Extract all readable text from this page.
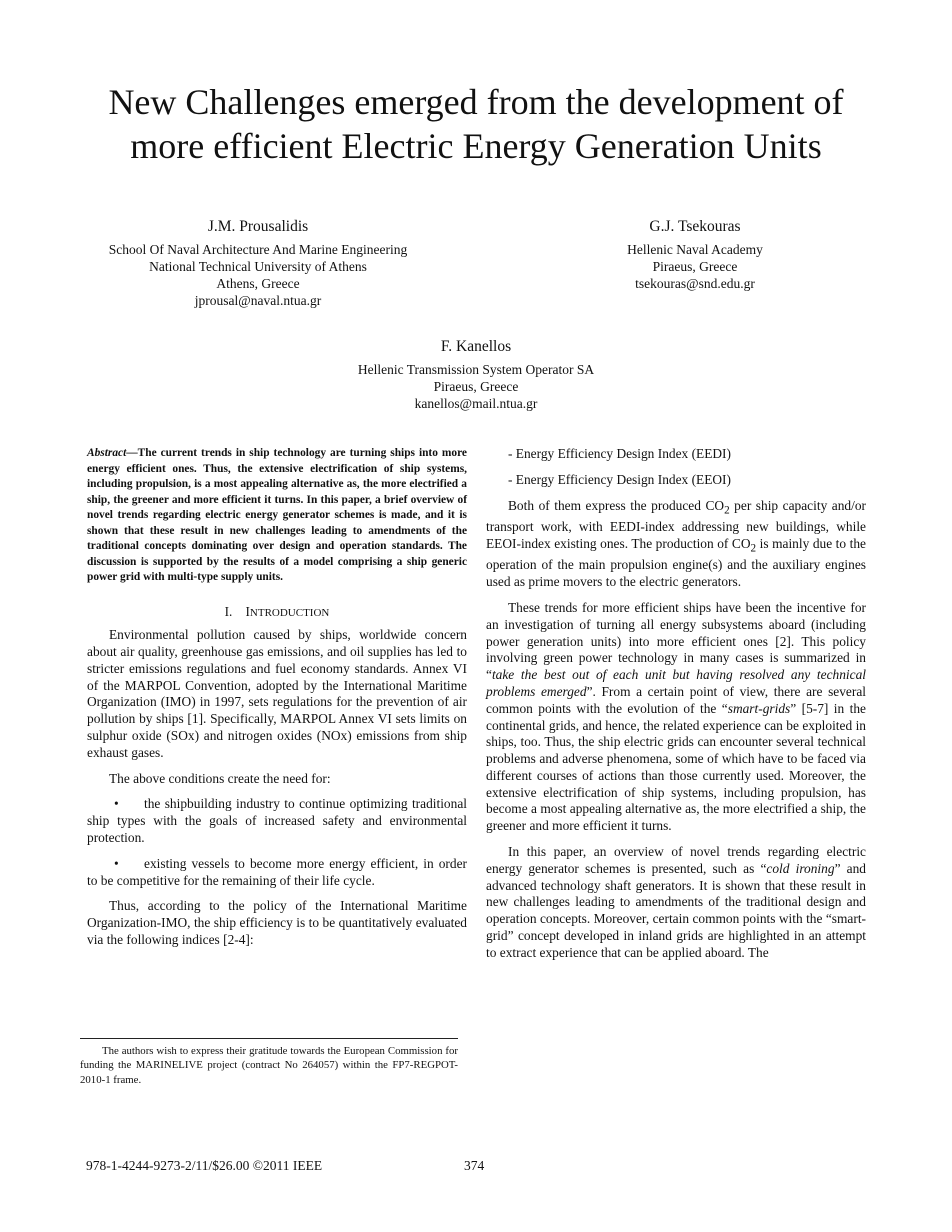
New Challenges emerged from the development of
more efficient Electric Energy Generation Units
J.M. Prousalidis
School Of Naval Architecture And Marine Engineering
National Technical University of Athens
Athens, Greece
jprousal@naval.ntua.gr
G.J. Tsekouras
Hellenic Naval Academy
Piraeus, Greece
tsekouras@snd.edu.gr
F. Kanellos
Hellenic Transmission System Operator SA
Piraeus, Greece
kanellos@mail.ntua.gr
Abstract—The current trends in ship technology are turning ships into more energy efficient ones. Thus, the extensive electrification of ship systems, including propulsion, is a most appealing alternative as, the more electrified a ship, the greener and more efficient it turns. In this paper, a brief overview of novel trends regarding electric energy generator schemes is made, and it is shown that these result in new challenges leading to amendments of the traditional concepts dominating over design and operation standards. The discussion is supported by the results of a model comprising a ship generic power grid with multi-type supply units.
I. INTRODUCTION

Environmental pollution caused by ships, worldwide concern about air quality, greenhouse gas emissions, and oil supplies has led to stricter emissions regulations and fuel economy standards. Annex VI of the MARPOL Convention, adopted by the International Maritime Organization (IMO) in 1997, sets regulations for the prevention of air pollution by ships [1]. Specifically, MARPOL Annex VI sets limits on sulphur oxide (SOx) and nitrogen oxides (NOx) emissions from ship exhaust gases.

The above conditions create the need for:

• the shipbuilding industry to continue optimizing traditional ship types with the goals of increased safety and environmental protection.

• existing vessels to become more energy efficient, in order to be competitive for the remaining of their life cycle.

Thus, according to the policy of the International Maritime Organization-IMO, the ship efficiency is to be quantitatively evaluated via the following indices [2-4]:

- Energy Efficiency Design Index (EEDI)
- Energy Efficiency Design Index (EEOI)

Both of them express the produced $CO_2$ per ship capacity and/or transport work, with EEDI-index addressing new buildings, while EEOI-index existing ones. The production of $CO_2$ is mainly due to the operation of the main propulsion engine(s) and the auxiliary engines used as prime movers to the electric generators.

These trends for more efficient ships have been the incentive for an investigation of turning all energy subsystems aboard (including power generation units) into more efficient ones [2]. This policy involving green power technology in many cases is summarized in “take the best out of each unit but having resolved any technical problems emerged”. From a certain point of view, there are several common points with the evolution of the “smart-grids” [5-7] in the continental grids, and hence, the related experience can be exploited in ships, too. Thus, the ship electric grids can encounter several technical problems and adverse phenomena, some of which have to be faced via different courses of actions than those currently used. Moreover, the extensive electrification of ship systems, including propulsion, has become a most appealing alternative as, the more electrified a ship, the greener and more efficient it turns.

In this paper, an overview of novel trends regarding electric energy generator schemes is presented, such as “cold ironing” and advanced technology shaft generators. It is shown that these result in new challenges leading to amendments of the traditional design and operation concepts. Moreover, certain common points with the “smart-grid” concept developed in inland grids are highlighted in an attempt to extract experience that can be applied aboard. The

The authors wish to express their gratitude towards the European Commission for funding the MARINELIVE project (contract No 264057) within the FP7-REGPOT-2010-1 frame.
978-1-4244-9273-2/11/$26.00 ©2011 IEEE	374
